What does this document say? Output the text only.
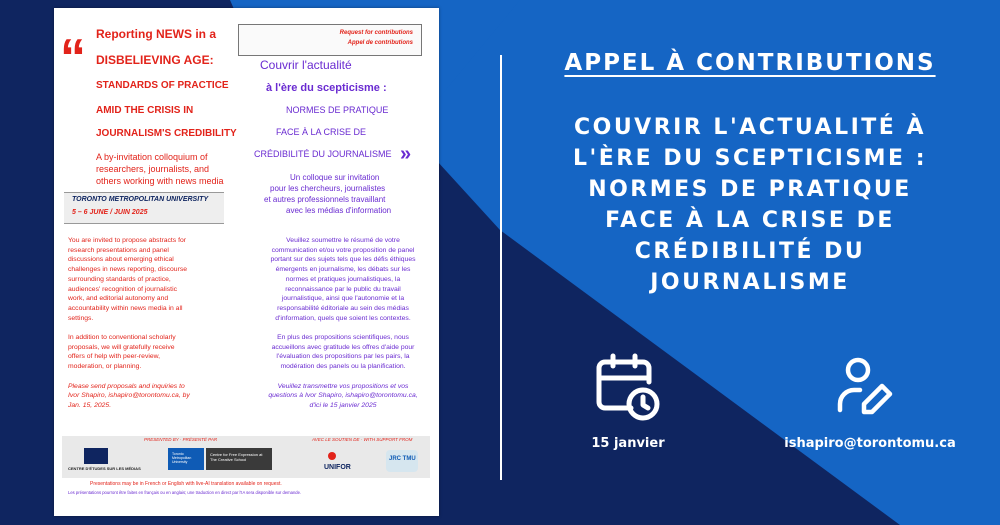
“ Reporting NEWS in a
DISBELIEVING AGE:
STANDARDS OF PRACTICE
AMID THE CRISIS IN
JOURNALISM'S CREDIBILITY
A by-invitation colloquium of
researchers, journalists, and
others working with news media
Request for contributions
Appel de contributions
Couvrir l'actualité
à l'ère du scepticisme :
NORMES DE PRATIQUE
FACE À LA CRISE DE
CRÉDIBILITÉ DU JOURNALISME »
Un colloque sur invitation
pour les chercheurs, journalistes
et autres professionnels travaillant
avec les médias d'information
TORONTO METROPOLITAN UNIVERSITY
5 – 6 JUNE / JUIN 2025
You are invited to propose abstracts for
research presentations and panel
discussions about emerging ethical
challenges in news reporting, discourse
surrounding standards of practice,
audiences' recognition of journalistic
work, and editorial autonomy and
accountability within news media in all
settings.
In addition to conventional scholarly
proposals, we will gratefully receive
offers of help with peer-review,
moderation, or planning.
Please send proposals and inquiries to
Ivor Shapiro, ishapiro@torontomu.ca, by
Jan. 15, 2025.
Veuillez soumettre le résumé de votre
communication et/ou votre proposition de panel
portant sur des sujets tels que les défis éthiques
émergents en journalisme, les débats sur les
normes et pratiques journalistiques, la
reconnaissance par le public du travail
journalistique, ainsi que l'autonomie et la
responsabilité éditoriale au sein des médias
d'information, quels que soient les contextes.
En plus des propositions scientifiques, nous
accueillons avec gratitude les offres d'aide pour
l'évaluation des propositions par les pairs, la
modération des panels ou la planification.
Veuillez transmettre vos propositions et vos
questions à Ivor Shapiro, ishapiro@torontomu.ca,
d'ici le 15 janvier 2025
PRESENTED BY · PRÉSENTÉ PAR	AVEC LE SOUTIEN DE · WITH SUPPORT FROM
CENTRE D'ÉTUDES SUR LES MÉDIAS
Toronto Metropolitan University
Centre for Free Expression at The Creative School
UNIFOR
JRC TMU
Presentations may be in French or English with live-AI translation available on request.
Les présentations pourront être faites en français ou en anglais; une traduction en direct par l'IA sera disponible sur demande.
APPEL À CONTRIBUTIONS
COUVRIR L'ACTUALITÉ À
L'ÈRE DU SCEPTICISME :
NORMES DE PRATIQUE
FACE À LA CRISE DE
CRÉDIBILITÉ DU
JOURNALISME
15 janvier	ishapiro@torontomu.ca
